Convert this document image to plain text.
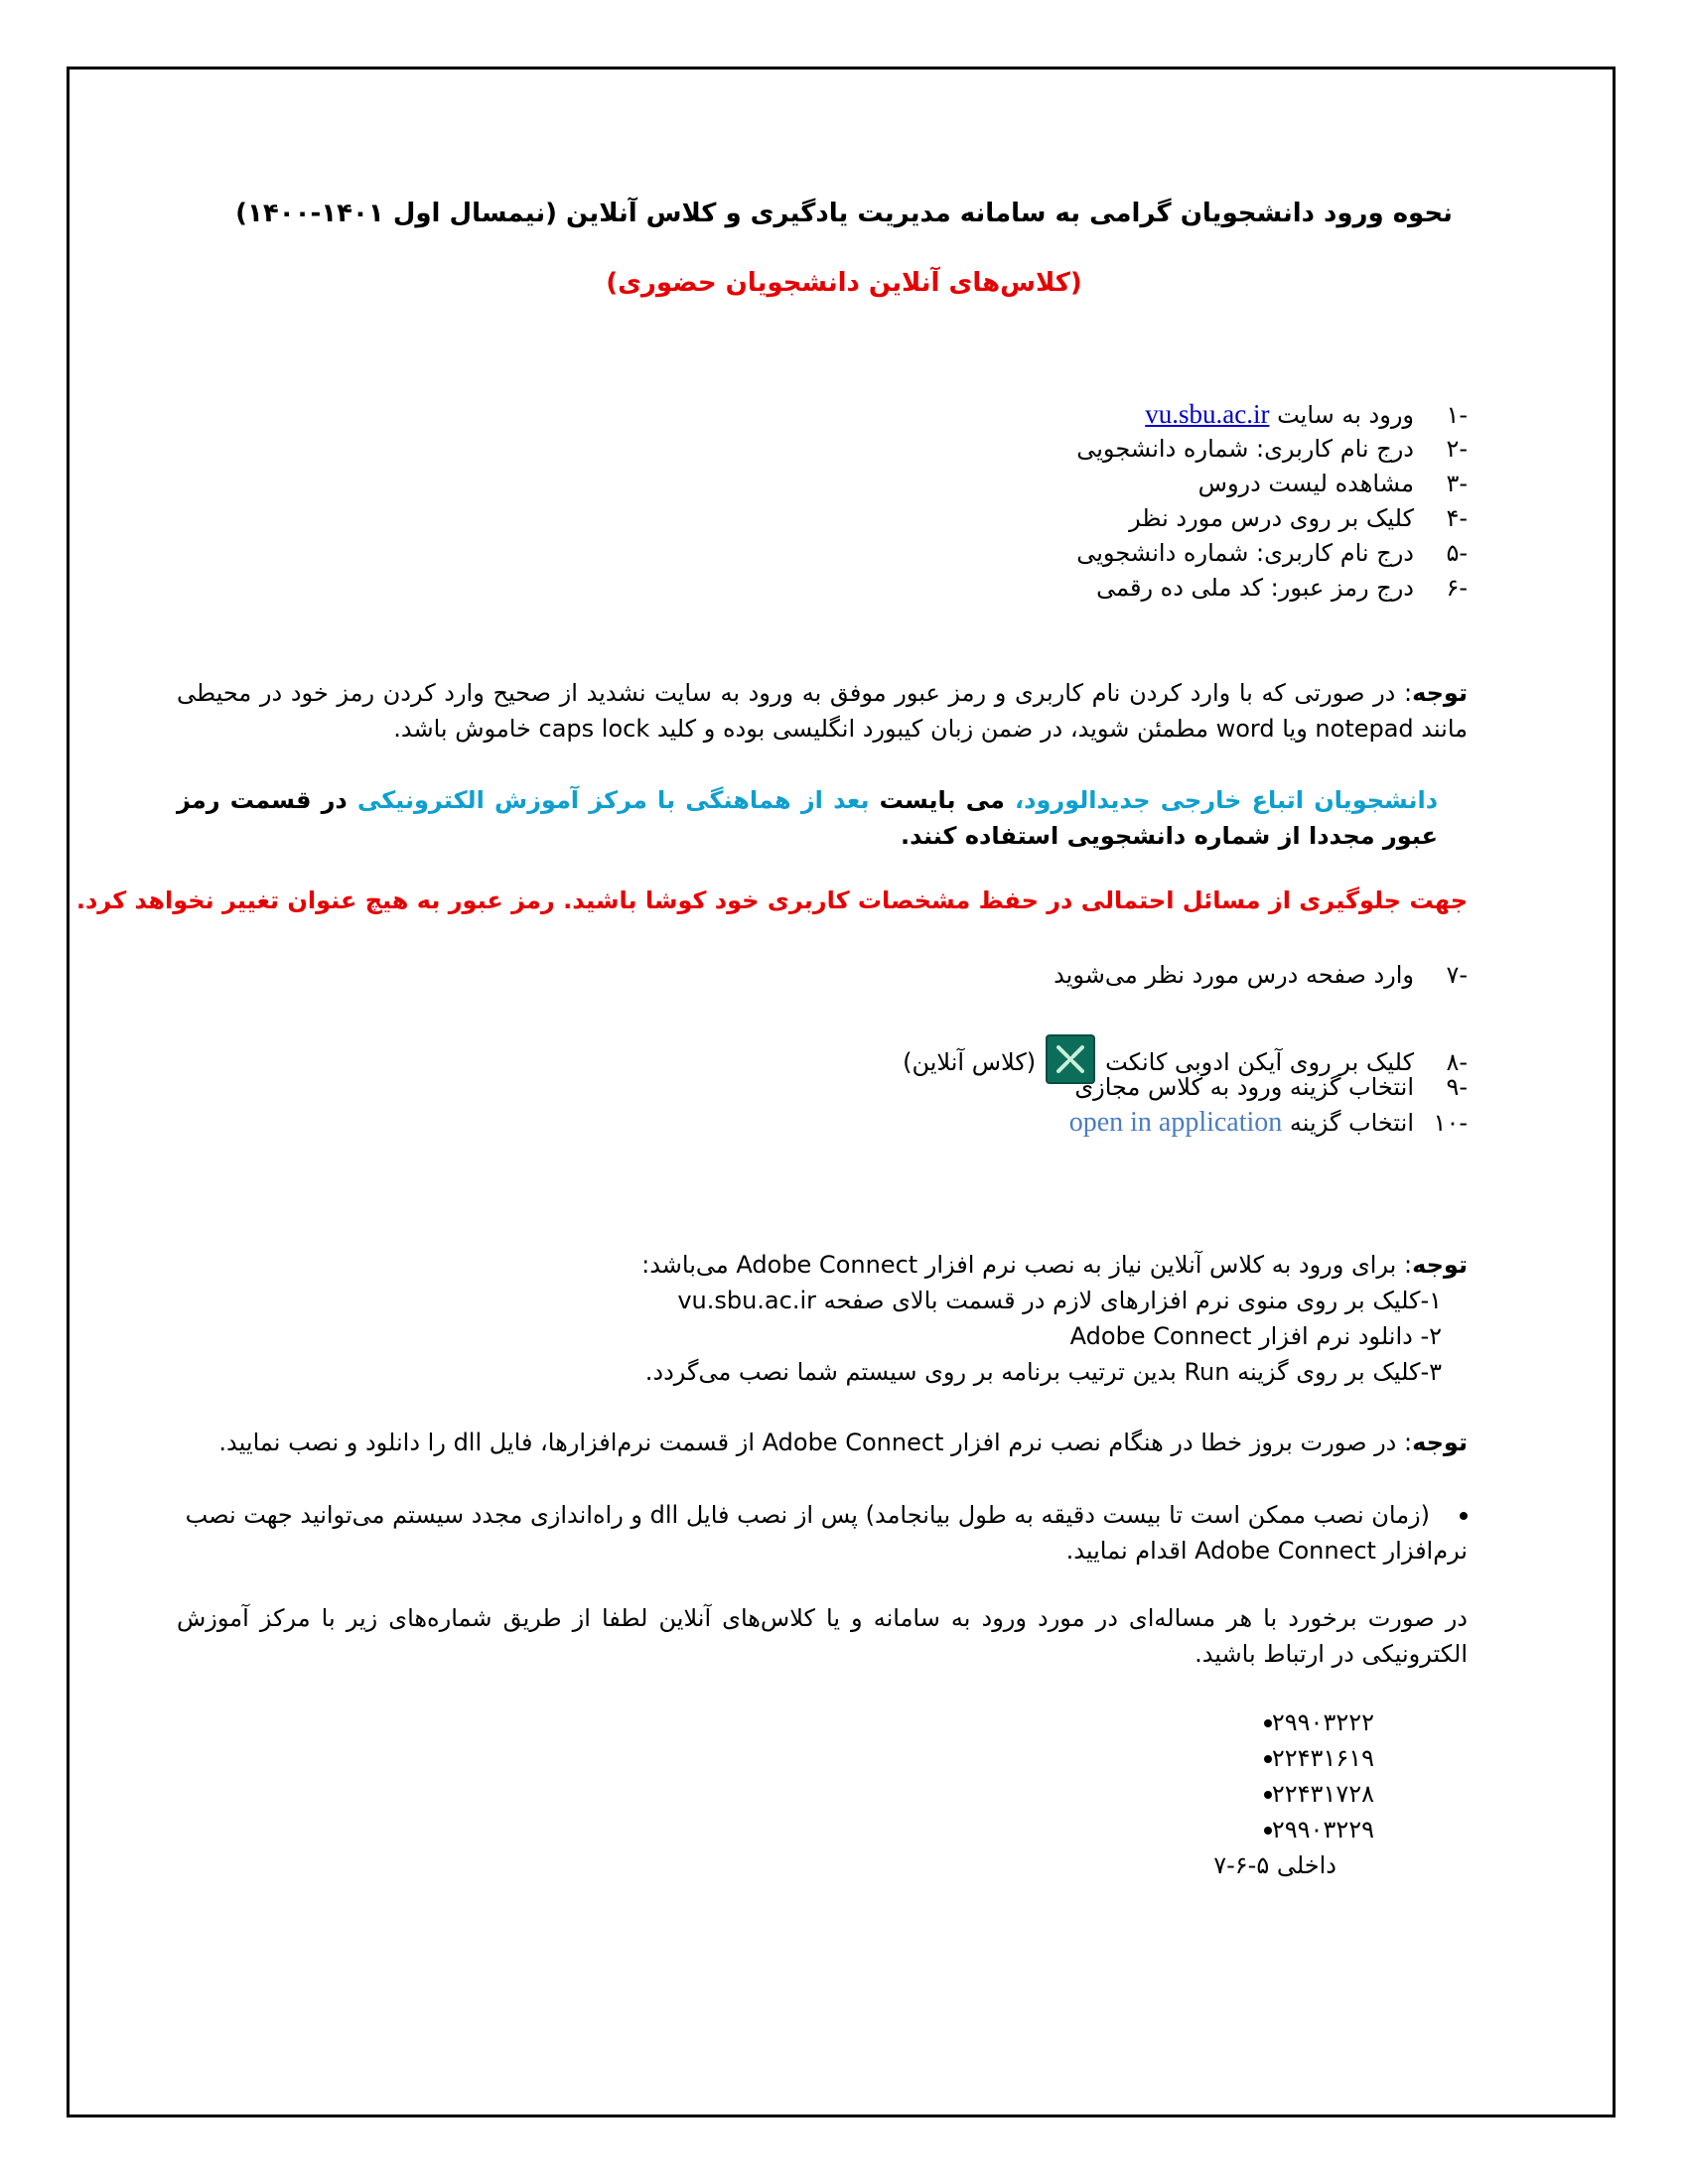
نحوه ورود دانشجویان گرامی به سامانه مدیریت یادگیری و کلاس آنلاین (نیمسال اول ۱۴۰۱-۱۴۰۰)
(کلاس‌های آنلاین دانشجویان حضوری)
-۱ورود به سایت vu.sbu.ac.ir
-۲درج نام کاربری: شماره دانشجویی
-۳مشاهده لیست دروس
-۴کلیک بر روی درس مورد نظر
-۵درج نام کاربری: شماره دانشجویی
-۶درج رمز عبور: کد ملی ده رقمی
توجه: در صورتی که با وارد کردن نام کاربری و رمز عبور موفق به ورود به سایت نشدید از صحیح وارد کردن رمز خود در محیطی مانند notepad ویا word مطمئن شوید، در ضمن زبان کیبورد انگلیسی بوده و کلید caps lock خاموش باشد.
دانشجویان اتباع خارجی جدیدالورود، می بایست بعد از هماهنگی با مرکز آموزش الکترونیکی در قسمت رمز عبور مجددا از شماره دانشجویی استفاده کنند.
جهت جلوگیری از مسائل احتمالی در حفظ مشخصات کاربری خود کوشا باشید. رمز عبور به هیچ عنوان تغییر نخواهد کرد.
-۷وارد صفحه درس مورد نظر می‌شوید
-۸کلیک بر روی آیکن ادوبی کانکت
(کلاس آنلاین)
-۹انتخاب گزینه ورود به کلاس مجازی
-۱۰انتخاب گزینه open in application
توجه: برای ورود به کلاس آنلاین نیاز به نصب نرم افزار Adobe Connect می‌باشد:
۱-کلیک بر روی منوی نرم افزارهای لازم در قسمت بالای صفحه vu.sbu.ac.ir
۲- دانلود نرم افزار Adobe Connect
۳-کلیک بر روی گزینه Run بدین ترتیب برنامه بر روی سیستم شما نصب می‌گردد.
توجه: در صورت بروز خطا در هنگام نصب نرم افزار Adobe Connect از قسمت نرم‌افزارها، فایل dll را دانلود و نصب نمایید.
(زمان نصب ممکن است تا بیست دقیقه به طول بیانجامد) پس از نصب فایل dll و راه‌اندازی مجدد سیستم می‌توانید جهت نصب نرم‌افزار Adobe Connect اقدام نمایید.
در صورت برخورد با هر مساله‌ای در مورد ورود به سامانه و یا کلاس‌های آنلاین لطفا از طریق شماره‌های زیر با مرکز آموزش الکترونیکی در ارتباط باشید.
۲۹۹۰۳۲۲۲
۲۲۴۳۱۶۱۹
۲۲۴۳۱۷۲۸
۲۹۹۰۳۲۲۹
داخلی ۵-۶-۷
